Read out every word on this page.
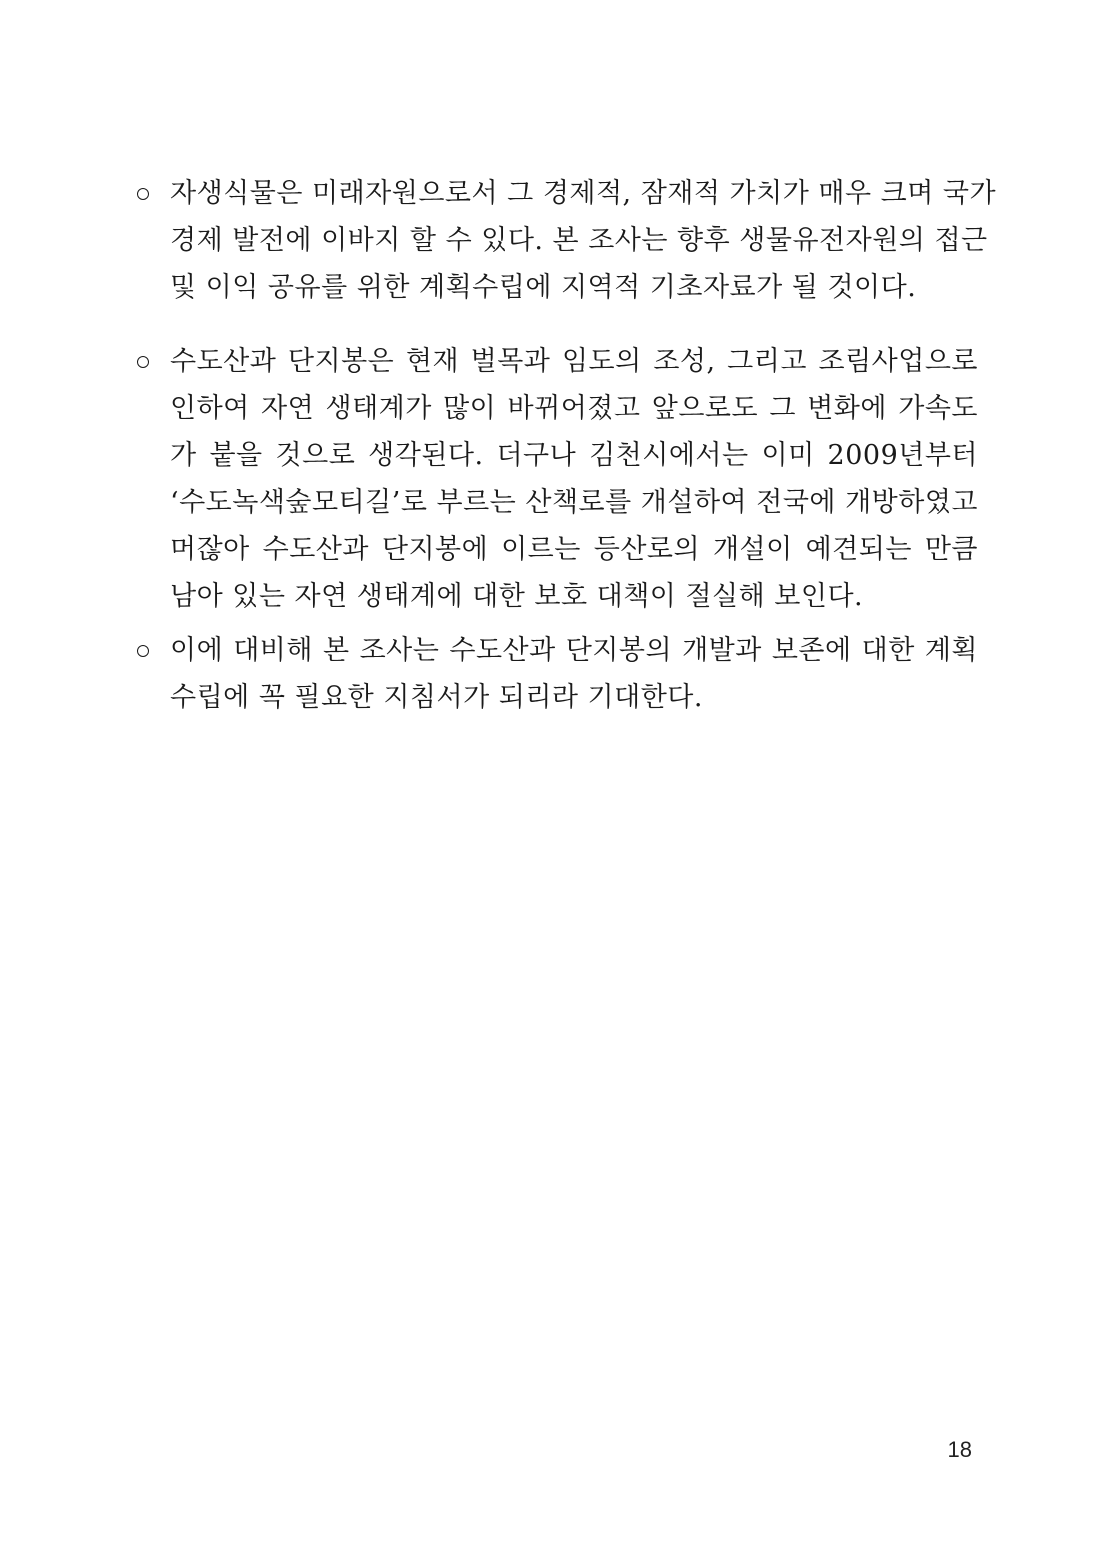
자생식물은 미래자원으로서 그 경제적, 잠재적 가치가 매우 크며 국가
경제 발전에 이바지 할 수 있다. 본 조사는 향후 생물유전자원의 접근
및 이익 공유를 위한 계획수립에 지역적 기초자료가 될 것이다.
수도산과 단지봉은 현재 벌목과 임도의 조성, 그리고 조림사업으로
인하여 자연 생태계가 많이 바뀌어졌고 앞으로도 그 변화에 가속도
가 붙을 것으로 생각된다. 더구나 김천시에서는 이미 2009년부터
‘수도녹색숲모티길’로 부르는 산책로를 개설하여 전국에 개방하였고
머잖아 수도산과 단지봉에 이르는 등산로의 개설이 예견되는 만큼
남아 있는 자연 생태계에 대한 보호 대책이 절실해 보인다.
이에 대비해 본 조사는 수도산과 단지봉의 개발과 보존에 대한 계획
수립에 꼭 필요한 지침서가 되리라 기대한다.
18
